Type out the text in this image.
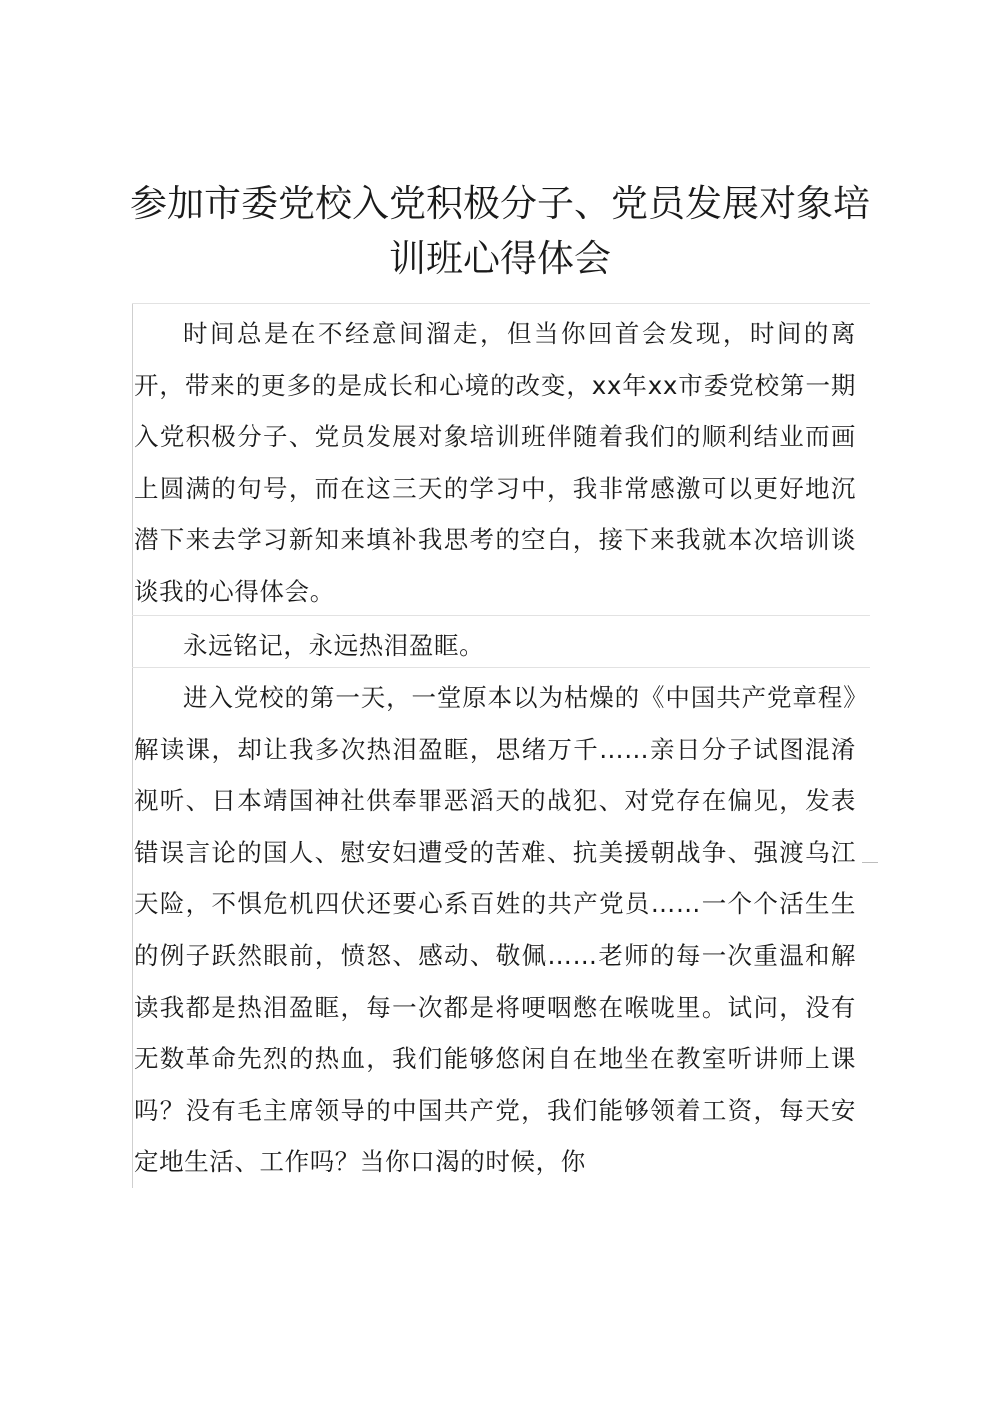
参加市委党校入党积极分子、党员发展对象培训班心得体会

时间总是在不经意间溜走，但当你回首会发现，时间的离开，带来的更多的是成长和心境的改变，xx年xx市委党校第一期入党积极分子、党员发展对象培训班伴随着我们的顺利结业而画上圆满的句号，而在这三天的学习中，我非常感激可以更好地沉潜下来去学习新知来填补我思考的空白，接下来我就本次培训谈谈我的心得体会。

永远铭记，永远热泪盈眶。

进入党校的第一天，一堂原本以为枯燥的《中国共产党章程》解读课，却让我多次热泪盈眶，思绪万千……亲日分子试图混淆视听、日本靖国神社供奉罪恶滔天的战犯、对党存在偏见，发表错误言论的国人、慰安妇遭受的苦难、抗美援朝战争、强渡乌江天险，不惧危机四伏还要心系百姓的共产党员……一个个活生生的例子跃然眼前，愤怒、感动、敬佩……老师的每一次重温和解读我都是热泪盈眶，每一次都是将哽咽憋在喉咙里。试问，没有无数革命先烈的热血，我们能够悠闲自在地坐在教室听讲师上课吗？没有毛主席领导的中国共产党，我们能够领着工资，每天安定地生活、工作吗？当你口渴的时候，你
